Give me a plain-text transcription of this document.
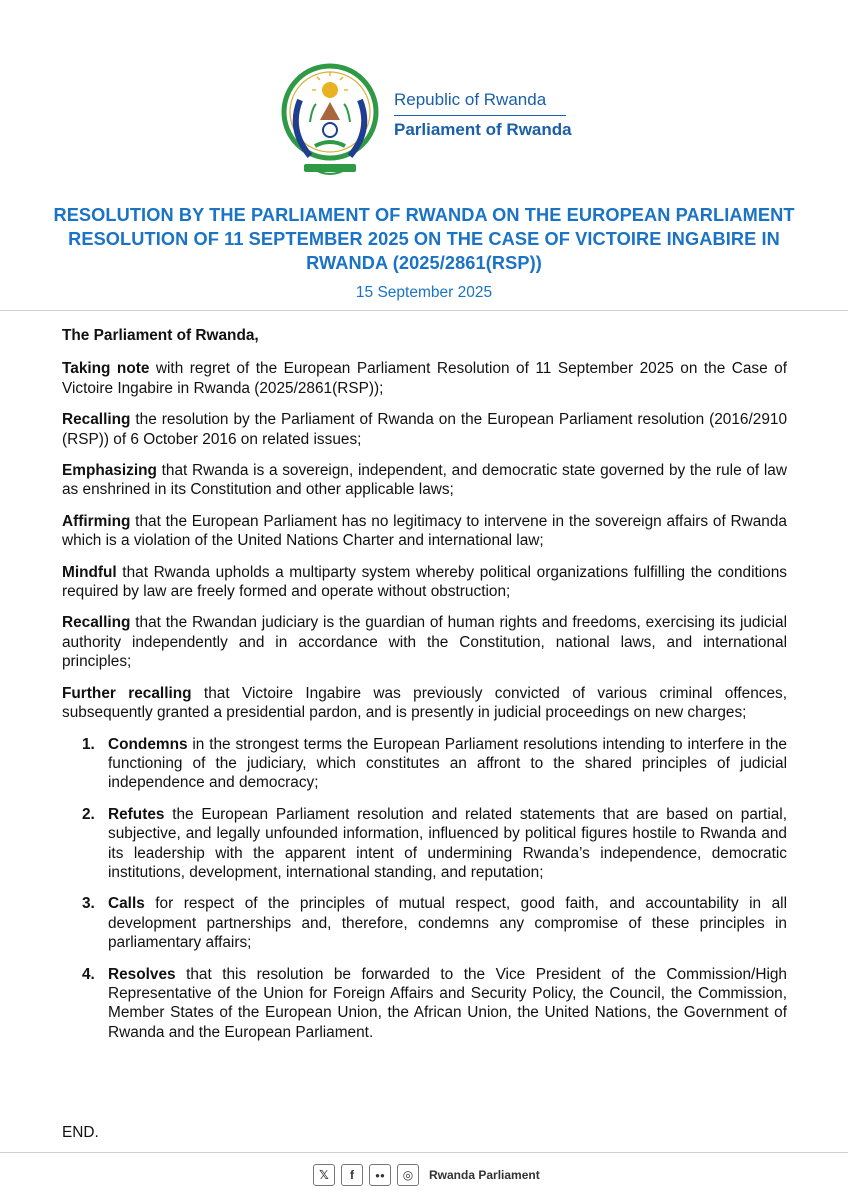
Republic of Rwanda
Parliament of Rwanda
RESOLUTION BY THE PARLIAMENT OF RWANDA ON THE EUROPEAN PARLIAMENT RESOLUTION OF 11 SEPTEMBER 2025 ON THE CASE OF VICTOIRE INGABIRE IN RWANDA (2025/2861(RSP))
15 September 2025

The Parliament of Rwanda,

Taking note with regret of the European Parliament Resolution of 11 September 2025 on the Case of Victoire Ingabire in Rwanda (2025/2861(RSP));

Recalling the resolution by the Parliament of Rwanda on the European Parliament resolution (2016/2910 (RSP)) of 6 October 2016 on related issues;

Emphasizing that Rwanda is a sovereign, independent, and democratic state governed by the rule of law as enshrined in its Constitution and other applicable laws;

Affirming that the European Parliament has no legitimacy to intervene in the sovereign affairs of Rwanda which is a violation of the United Nations Charter and international law;

Mindful that Rwanda upholds a multiparty system whereby political organizations fulfilling the conditions required by law are freely formed and operate without obstruction;

Recalling that the Rwandan judiciary is the guardian of human rights and freedoms, exercising its judicial authority independently and in accordance with the Constitution, national laws, and international principles;

Further recalling that Victoire Ingabire was previously convicted of various criminal offences, subsequently granted a presidential pardon, and is presently in judicial proceedings on new charges;

1. Condemns in the strongest terms the European Parliament resolutions intending to interfere in the functioning of the judiciary, which constitutes an affront to the shared principles of judicial independence and democracy;
2. Refutes the European Parliament resolution and related statements that are based on partial, subjective, and legally unfounded information, influenced by political figures hostile to Rwanda and its leadership with the apparent intent of undermining Rwanda’s independence, democratic institutions, development, international standing, and reputation;
3. Calls for respect of the principles of mutual respect, good faith, and accountability in all development partnerships and, therefore, condemns any compromise of these principles in parliamentary affairs;
4. Resolves that this resolution be forwarded to the Vice President of the Commission/High Representative of the Union for Foreign Affairs and Security Policy, the Council, the Commission, Member States of the European Union, the African Union, the United Nations, the Government of Rwanda and the European Parliament.
END.
𝕏	f	●●	◎	Rwanda Parliament
